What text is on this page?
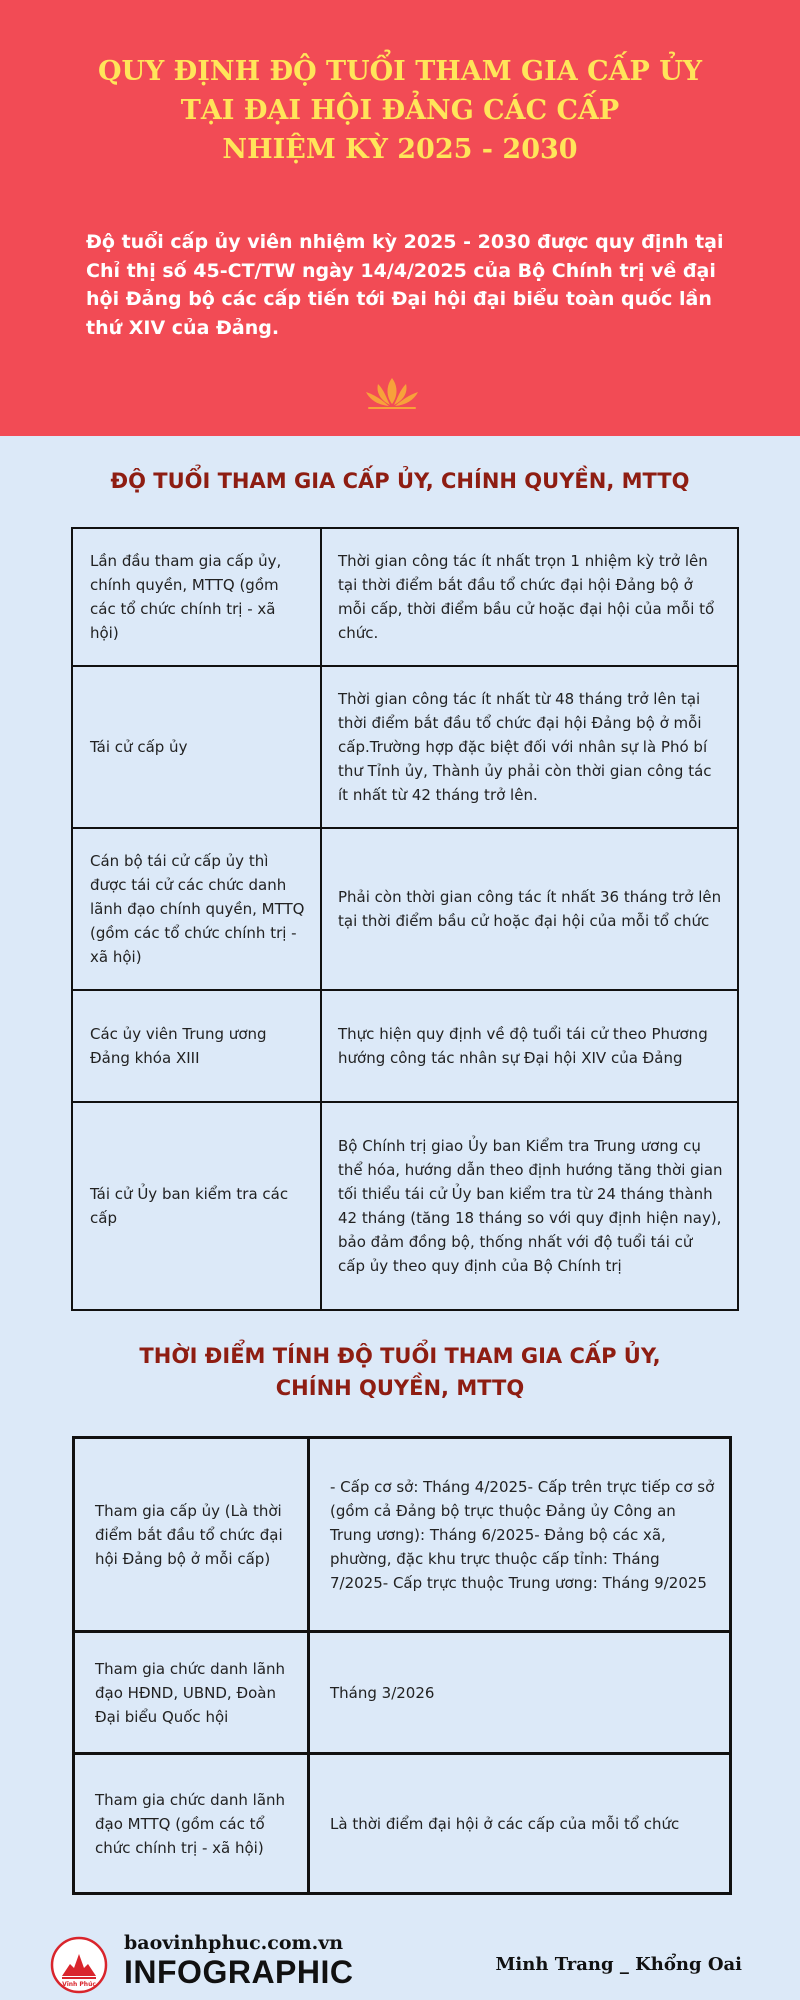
QUY ĐỊNH ĐỘ TUỔI THAM GIA CẤP ỦY
TẠI ĐẠI HỘI ĐẢNG CÁC CẤP
NHIỆM KỲ 2025 - 2030

Độ tuổi cấp ủy viên nhiệm kỳ 2025 - 2030 được quy định tại Chỉ thị số 45-CT/TW ngày 14/4/2025 của Bộ Chính trị về đại hội Đảng bộ các cấp tiến tới Đại hội đại biểu toàn quốc lần thứ XIV của Đảng.

ĐỘ TUỔI THAM GIA CẤP ỦY, CHÍNH QUYỀN, MTTQ
Lần đầu tham gia cấp ủy, chính quyền, MTTQ (gồm các tổ chức chính trị - xã hội)	Thời gian công tác ít nhất trọn 1 nhiệm kỳ trở lên tại thời điểm bắt đầu tổ chức đại hội Đảng bộ ở mỗi cấp, thời điểm bầu cử hoặc đại hội của mỗi tổ chức.
Tái cử cấp ủy	Thời gian công tác ít nhất từ 48 tháng trở lên tại thời điểm bắt đầu tổ chức đại hội Đảng bộ ở mỗi cấp.Trường hợp đặc biệt đối với nhân sự là Phó bí thư Tỉnh ủy, Thành ủy phải còn thời gian công tác ít nhất từ 42 tháng trở lên.
Cán bộ tái cử cấp ủy thì được tái cử các chức danh lãnh đạo chính quyền, MTTQ (gồm các tổ chức chính trị - xã hội)	Phải còn thời gian công tác ít nhất 36 tháng trở lên tại thời điểm bầu cử hoặc đại hội của mỗi tổ chức
Các ủy viên Trung ương Đảng khóa XIII	Thực hiện quy định về độ tuổi tái cử theo Phương hướng công tác nhân sự Đại hội XIV của Đảng
Tái cử Ủy ban kiểm tra các cấp	Bộ Chính trị giao Ủy ban Kiểm tra Trung ương cụ thể hóa, hướng dẫn theo định hướng tăng thời gian tối thiểu tái cử Ủy ban kiểm tra từ 24 tháng thành 42 tháng (tăng 18 tháng so với quy định hiện nay), bảo đảm đồng bộ, thống nhất với độ tuổi tái cử cấp ủy theo quy định của Bộ Chính trị
THỜI ĐIỂM TÍNH ĐỘ TUỔI THAM GIA CẤP ỦY,
CHÍNH QUYỀN, MTTQ
Tham gia cấp ủy (Là thời điểm bắt đầu tổ chức đại hội Đảng bộ ở mỗi cấp)	- Cấp cơ sở: Tháng 4/2025- Cấp trên trực tiếp cơ sở (gồm cả Đảng bộ trực thuộc Đảng ủy Công an Trung ương): Tháng 6/2025- Đảng bộ các xã, phường, đặc khu trực thuộc cấp tỉnh: Tháng 7/2025- Cấp trực thuộc Trung ương: Tháng 9/2025
Tham gia chức danh lãnh đạo HĐND, UBND, Đoàn Đại biểu Quốc hội	Tháng 3/2026
Tham gia chức danh lãnh đạo MTTQ (gồm các tổ chức chính trị - xã hội)	Là thời điểm đại hội ở các cấp của mỗi tổ chức
Vĩnh Phúc

baovinhphuc.com.vn

INFOGRAPHIC	Minh Trang _ Khổng Oai
